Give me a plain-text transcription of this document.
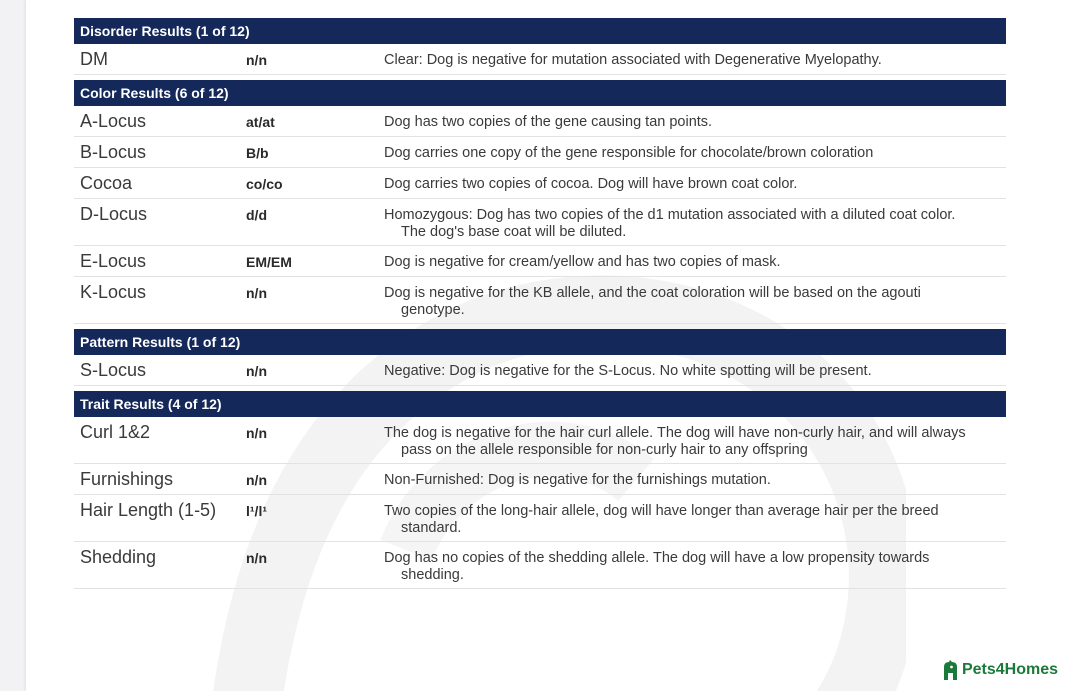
Disorder Results (1 of 12)
DM	n/n	Clear: Dog is negative for mutation associated with Degenerative Myelopathy.
Color Results (6 of 12)
A-Locus	at/at	Dog has two copies of the gene causing tan points.
B-Locus	B/b	Dog carries one copy of the gene responsible for chocolate/brown coloration
Cocoa	co/co	Dog carries two copies of cocoa. Dog will have brown coat color.
D-Locus	d/d	Homozygous: Dog has two copies of the d1 mutation associated with a diluted coat color.
The dog's base coat will be diluted.
E-Locus	EM/EM	Dog is negative for cream/yellow and has two copies of mask.
K-Locus	n/n	Dog is negative for the KB allele, and the coat coloration will be based on the agouti
genotype.
Pattern Results (1 of 12)
S-Locus	n/n	Negative: Dog is negative for the S-Locus. No white spotting will be present.
Trait Results (4 of 12)
Curl 1&2	n/n	The dog is negative for the hair curl allele. The dog will have non-curly hair, and will always
pass on the allele responsible for non-curly hair to any offspring
Furnishings	n/n	Non-Furnished: Dog is negative for the furnishings mutation.
Hair Length (1-5)	l¹/l¹	Two copies of the long-hair allele, dog will have longer than average hair per the breed
standard.
Shedding	n/n	Dog has no copies of the shedding allele. The dog will have a low propensity towards
shedding.
Pets4Homes
